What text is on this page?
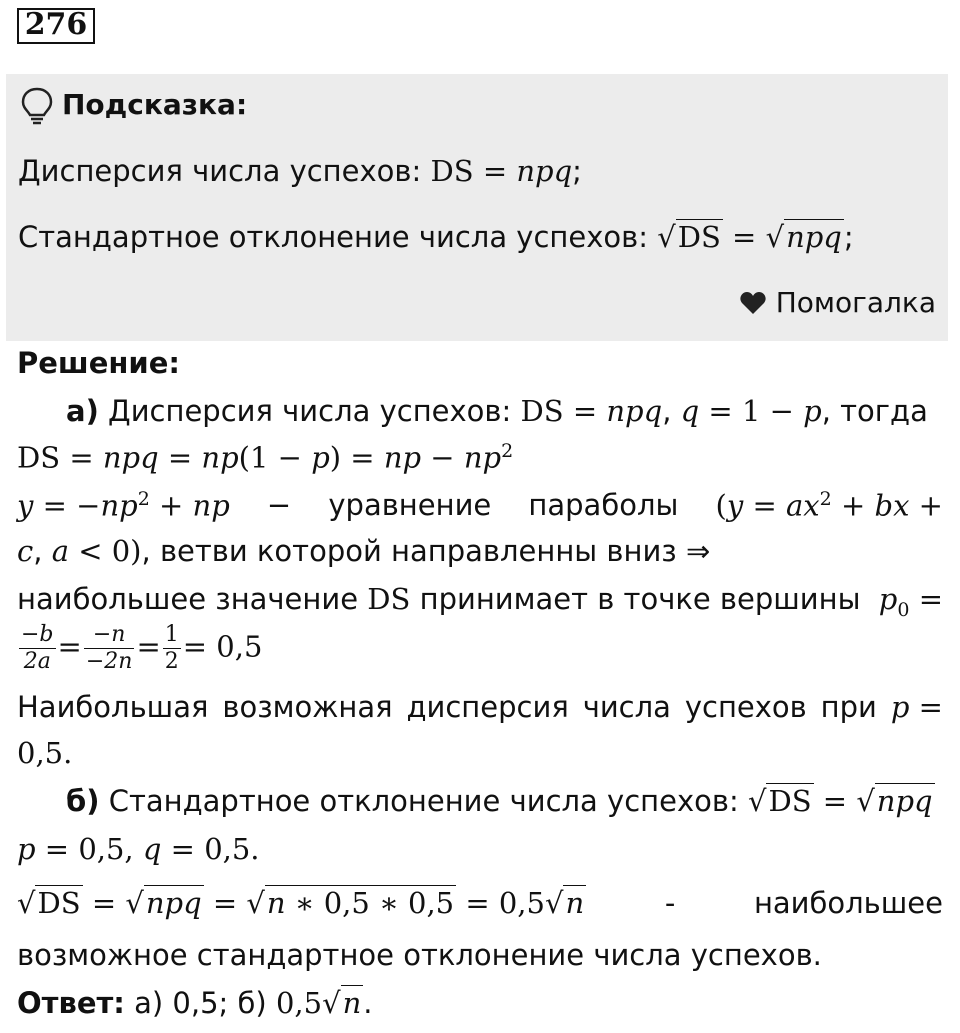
276
Подсказка:
Дисперсия числа успехов: DS = npq;
Стандартное отклонение числа успехов: √DS = √npq;
Помогалка
Решение:
а) Дисперсия числа успехов: DS = npq, q = 1 − p, тогда
DS = npq = np(1 − p) = np − $np^2$
$y = -np^2$ + np − уравнение параболы ($y = ax^2$ + bx +
c, a < 0), ветви которой направленны вниз ⇒
наибольшее значение DS принимает в точке вершины $p_0$ =
$\frac{-b}{2a} = \frac{-n}{-2n} = \frac{1}{2} = 0,5$
Наибольшая возможная дисперсия числа успехов при p =
0,5.
б) Стандартное отклонение числа успехов: √DS = √npq
p = 0,5, q = 0,5.
√DS = √npq = √n ∗ 0,5 ∗ 0,5 = 0,5√n	-	наибольшее
возможное стандартное отклонение числа успехов.
Ответ: а) 0,5; б) 0,5√n.
